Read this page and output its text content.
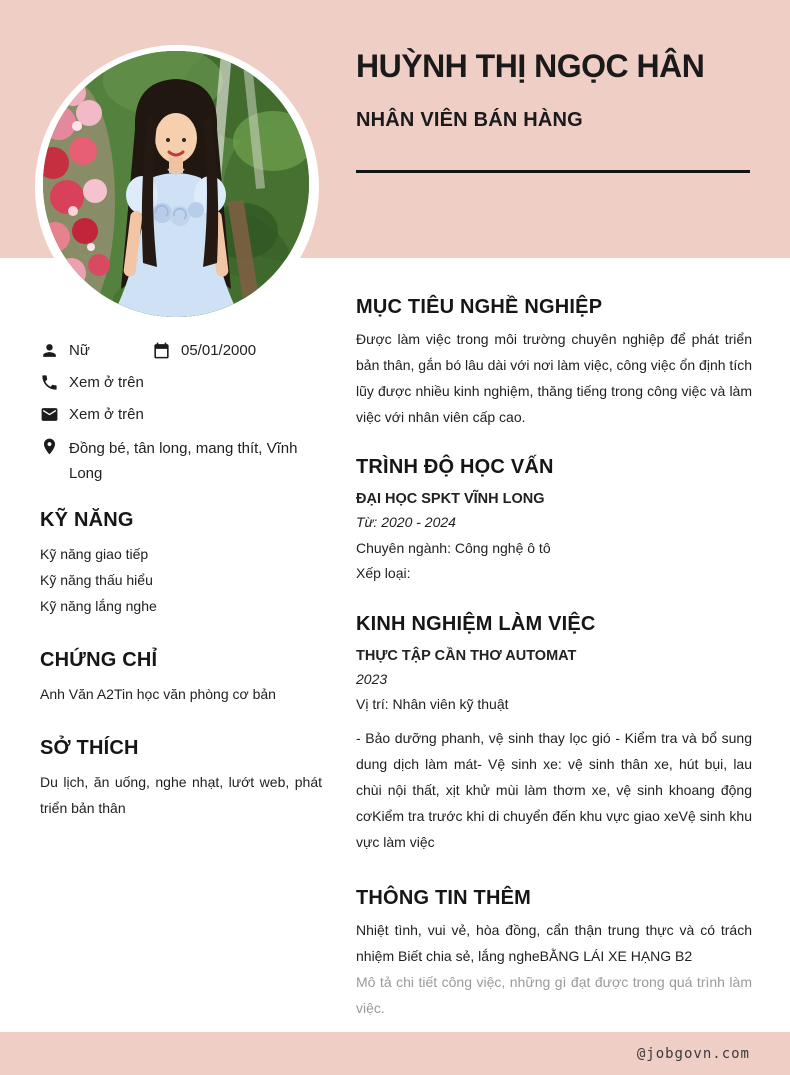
HUỲNH THỊ NGỌC HÂN
NHÂN VIÊN BÁN HÀNG
Nữ	05/01/2000
Xem ở trên
Xem ở trên
Đồng bé, tân long, mang thít, Vĩnh Long
KỸ NĂNG
Kỹ năng giao tiếp
Kỹ năng thấu hiểu
Kỹ năng lắng nghe
CHỨNG CHỈ
Anh Văn A2Tin học văn phòng cơ bản
SỞ THÍCH
Du lịch, ăn uống, nghe nhạt, lướt web, phát triển bản thân
MỤC TIÊU NGHỀ NGHIỆP
Được làm việc trong môi trường chuyên nghiệp để phát triển bản thân, gắn bó lâu dài với nơi làm việc, công việc ổn định tích lũy được nhiều kinh nghiệm, thăng tiếng trong công việc và làm việc với nhân viên cấp cao.
TRÌNH ĐỘ HỌC VẤN
ĐẠI HỌC SPKT VĨNH LONG
Từ: 2020 - 2024
Chuyên ngành: Công nghệ ô tô
Xếp loại:
KINH NGHIỆM LÀM VIỆC
THỰC TẬP CẦN THƠ AUTOMAT
2023
Vị trí: Nhân viên kỹ thuật
- Bảo dưỡng phanh, vệ sinh thay lọc gió - Kiểm tra và bổ sung dung dịch làm mát- Vệ sinh xe: vệ sinh thân xe, hút bụi, lau chùi nội thất, xịt khử mùi làm thơm xe, vệ sinh khoang động cơKiểm tra trước khi di chuyển đến khu vực giao xeVệ sinh khu vực làm việc
THÔNG TIN THÊM
Nhiệt tình, vui vẻ, hòa đồng, cẩn thận trung thực và có trách nhiệm Biết chia sẻ, lắng ngheBẰNG LÁI XE HẠNG B2
Mô tả chi tiết công việc, những gì đạt được trong quá trình làm việc.
@jobgovn.com
